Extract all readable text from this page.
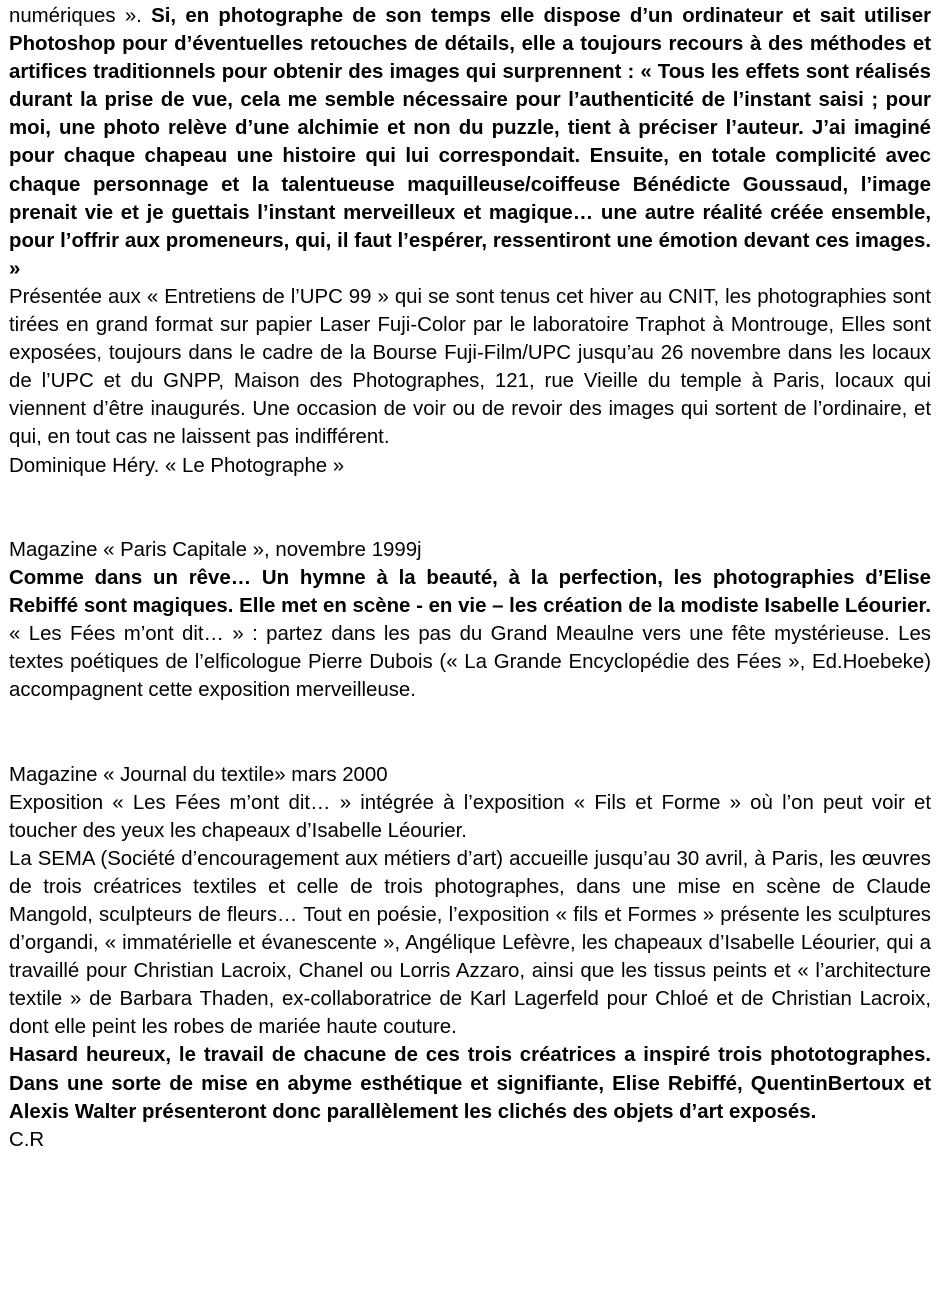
numériques ». Si, en photographe de son temps elle dispose d’un ordinateur et sait utiliser Photoshop pour d’éventuelles retouches de détails, elle a toujours recours à des méthodes et artifices traditionnels pour obtenir des images qui surprennent : « Tous les effets sont réalisés durant la prise de vue, cela me semble nécessaire pour l’authenticité de l’instant saisi ; pour moi, une photo relève d’une alchimie et non du puzzle, tient à préciser l’auteur. J’ai imaginé pour chaque chapeau une histoire qui lui correspondait. Ensuite, en totale complicité avec chaque personnage et la talentueuse maquilleuse/coiffeuse Bénédicte Goussaud, l’image prenait vie et je guettais l’instant merveilleux et magique… une autre réalité créée ensemble, pour l’offrir aux promeneurs, qui, il faut l’espérer, ressentiront une émotion devant ces images. »

Présentée aux « Entretiens de l’UPC 99 » qui se sont tenus cet hiver au CNIT, les photographies sont tirées en grand format sur papier Laser Fuji-Color par le laboratoire Traphot à Montrouge, Elles sont exposées, toujours dans le cadre de la Bourse Fuji-Film/UPC jusqu’au 26 novembre dans les locaux de l’UPC et du GNPP, Maison des Photographes, 121, rue Vieille du temple à Paris, locaux qui viennent d’être inaugurés. Une occasion de voir ou de revoir des images qui sortent de l’ordinaire, et qui, en tout cas ne laissent pas indifférent.

Dominique Héry. « Le Photographe »

Magazine « Paris Capitale », novembre 1999j

Comme dans un rêve… Un hymne à la beauté, à la perfection, les photographies d’Elise Rebiffé sont magiques. Elle met en scène - en vie – les création de la modiste Isabelle Léourier. « Les Fées m’ont dit… » : partez dans les pas du Grand Meaulne vers une fête mystérieuse. Les textes poétiques de l’elficologue Pierre Dubois (« La Grande Encyclopédie des Fées », Ed.Hoebeke) accompagnent cette exposition merveilleuse.

Magazine « Journal du textile» mars 2000

Exposition « Les Fées m’ont dit… » intégrée à l’exposition « Fils et Forme » où l’on peut voir et toucher des yeux les chapeaux d’Isabelle Léourier.

La SEMA (Société d’encouragement aux métiers d’art) accueille jusqu’au 30 avril, à Paris, les œuvres de trois créatrices textiles et celle de trois photographes, dans une mise en scène de Claude Mangold, sculpteurs de fleurs… Tout en poésie, l’exposition « fils et Formes » présente les sculptures d’organdi, « immatérielle et évanescente », Angélique Lefèvre, les chapeaux d’Isabelle Léourier, qui a travaillé pour Christian Lacroix, Chanel ou Lorris Azzaro, ainsi que les tissus peints et « l’architecture textile » de Barbara Thaden, ex-collaboratrice de Karl Lagerfeld pour Chloé et de Christian Lacroix, dont elle peint les robes de mariée haute couture.

Hasard heureux, le travail de chacune de ces trois créatrices a inspiré trois phototographes. Dans une sorte de mise en abyme esthétique et signifiante, Elise Rebiffé, QuentinBertoux et Alexis Walter présenteront donc parallèlement les clichés des objets d’art exposés.

C.R
